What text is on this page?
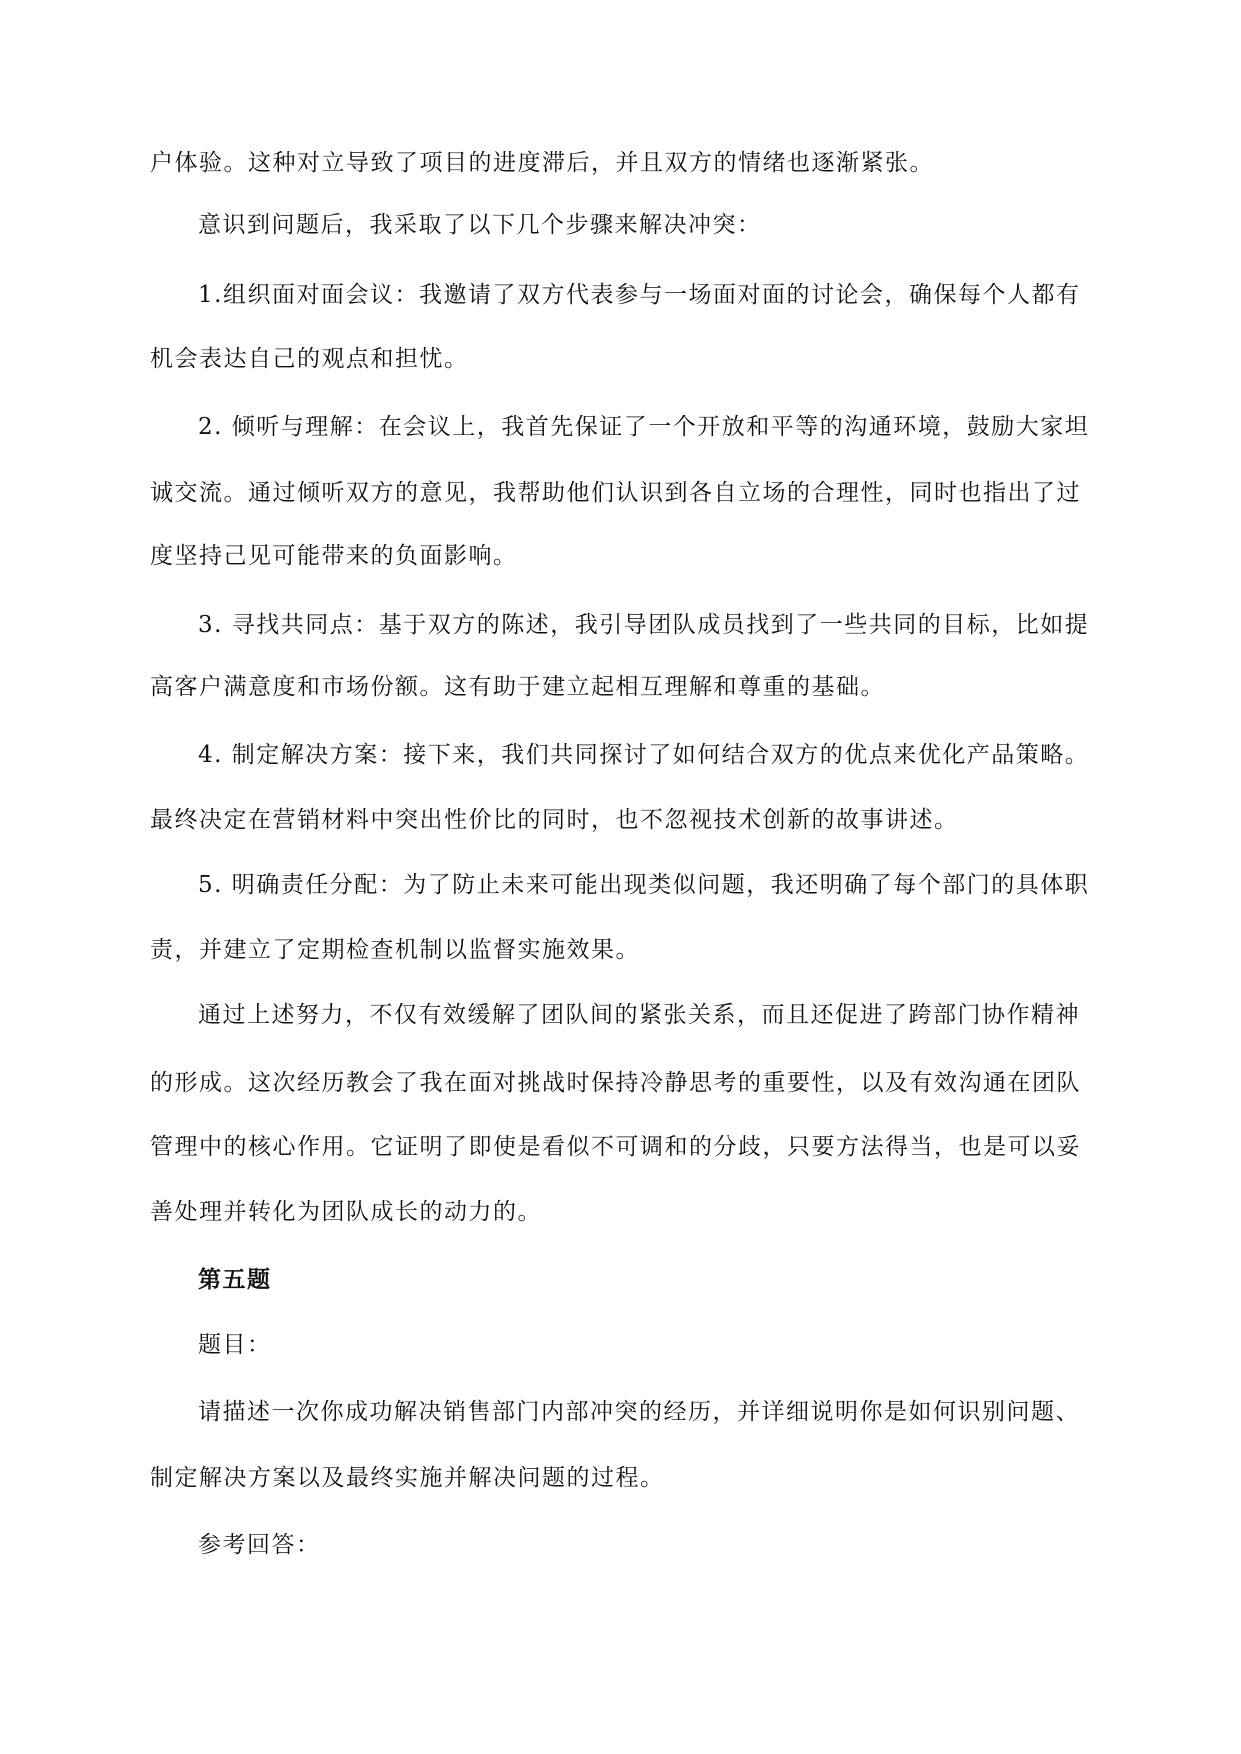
户体验。这种对立导致了项目的进度滞后，并且双方的情绪也逐渐紧张。
意识到问题后，我采取了以下几个步骤来解决冲突：
1.组织面对面会议：我邀请了双方代表参与一场面对面的讨论会，确保每个人都有
机会表达自己的观点和担忧。
2. 倾听与理解：在会议上，我首先保证了一个开放和平等的沟通环境，鼓励大家坦
诚交流。通过倾听双方的意见，我帮助他们认识到各自立场的合理性，同时也指出了过
度坚持己见可能带来的负面影响。
3. 寻找共同点：基于双方的陈述，我引导团队成员找到了一些共同的目标，比如提
高客户满意度和市场份额。这有助于建立起相互理解和尊重的基础。
4. 制定解决方案：接下来，我们共同探讨了如何结合双方的优点来优化产品策略。
最终决定在营销材料中突出性价比的同时，也不忽视技术创新的故事讲述。
5. 明确责任分配：为了防止未来可能出现类似问题，我还明确了每个部门的具体职
责，并建立了定期检查机制以监督实施效果。
通过上述努力，不仅有效缓解了团队间的紧张关系，而且还促进了跨部门协作精神
的形成。这次经历教会了我在面对挑战时保持冷静思考的重要性，以及有效沟通在团队
管理中的核心作用。它证明了即使是看似不可调和的分歧，只要方法得当，也是可以妥
善处理并转化为团队成长的动力的。
第五题
题目：
请描述一次你成功解决销售部门内部冲突的经历，并详细说明你是如何识别问题、
制定解决方案以及最终实施并解决问题的过程。
参考回答：
